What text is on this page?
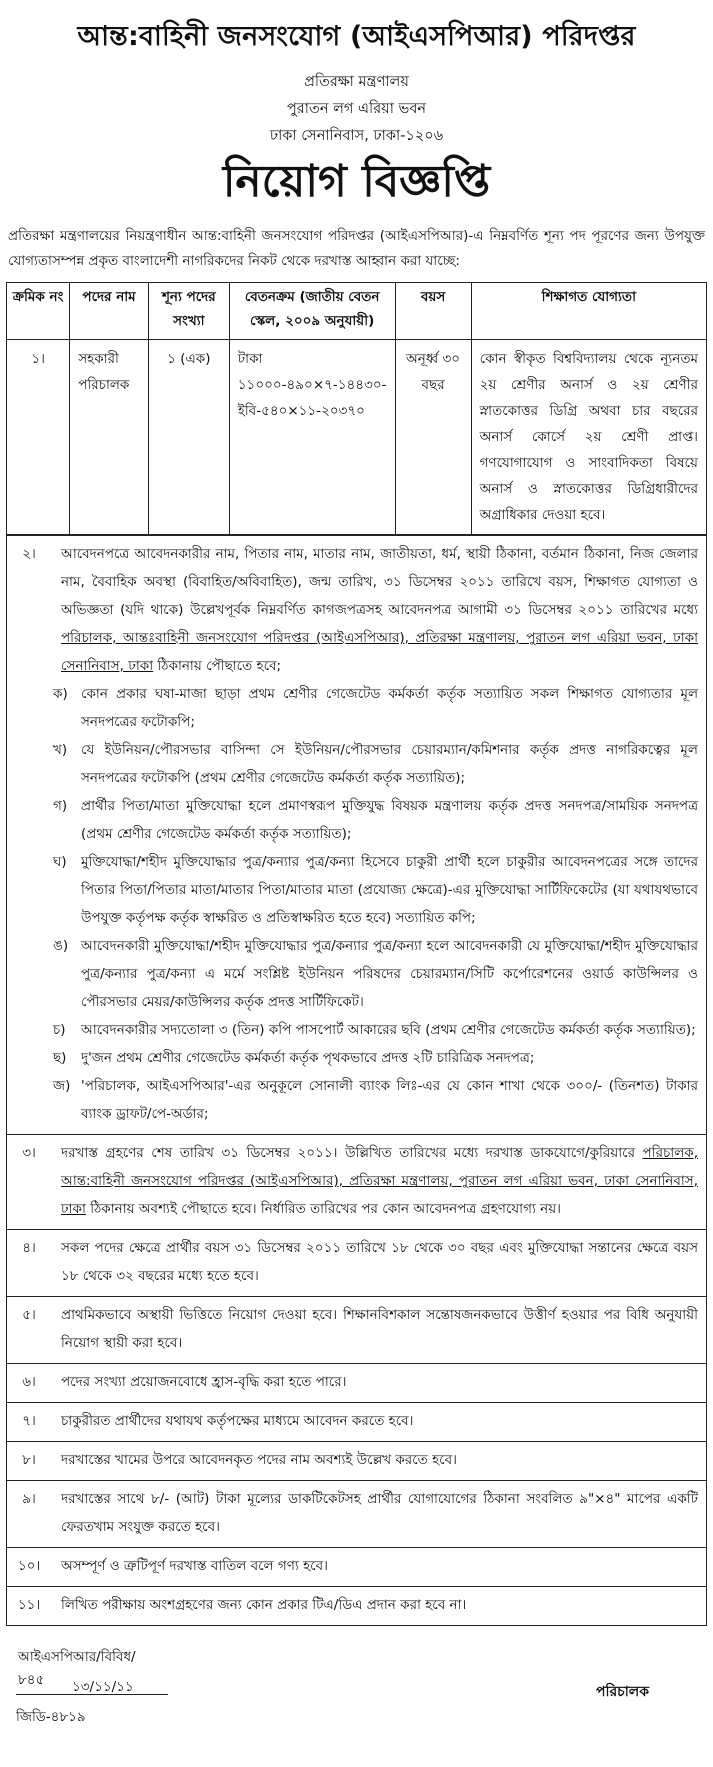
আন্ত:বাহিনী জনসংযোগ (আইএসপিআর) পরিদপ্তর
প্রতিরক্ষা মন্ত্রণালয়
পুরাতন লগ এরিয়া ভবন
ঢাকা সেনানিবাস, ঢাকা-১২০৬
নিয়োগ বিজ্ঞপ্তি
প্রতিরক্ষা মন্ত্রণালয়ের নিয়ন্ত্রণাধীন আন্ত:বাহিনী জনসংযোগ পরিদপ্তর (আইএসপিআর)-এ নিম্নবর্ণিত শূন্য পদ পূরণের জন্য উপযুক্ত যোগ্যতাসম্পন্ন প্রকৃত বাংলাদেশী নাগরিকদের নিকট থেকে দরখাস্ত আহ্বান করা যাচ্ছে:
ক্রমিক নং	পদের নাম	শূন্য পদের সংখ্যা	বেতনক্রম (জাতীয় বেতন স্কেল, ২০০৯ অনুযায়ী)	বয়স	শিক্ষাগত যোগ্যতা
১।	সহকারী পরিচালক	১ (এক)	টাকা ১১০০০-৪৯০×৭-১৪৪৩০-ইবি-৫৪০×১১-২০৩৭০	অনূর্ধ্ব ৩০ বছর	কোন স্বীকৃত বিশ্ববিদ্যালয় থেকে ন্যূনতম ২য় শ্রেণীর অনার্স ও ২য় শ্রেণীর স্নাতকোত্তর ডিগ্রি অথবা চার বছরের অনার্স কোর্সে ২য় শ্রেণী প্রাপ্ত। গণযোগাযোগ ও সাংবাদিকতা বিষয়ে অনার্স ও স্নাতকোত্তর ডিগ্রিধারীদের অগ্রাধিকার দেওয়া হবে।
২।	আবেদনপত্রে আবেদনকারীর নাম, পিতার নাম, মাতার নাম, জাতীয়তা, ধর্ম, স্থায়ী ঠিকানা, বর্তমান ঠিকানা, নিজ জেলার নাম, বৈবাহিক অবস্থা (বিবাহিত/অবিবাহিত), জন্ম তারিখ, ৩১ ডিসেম্বর ২০১১ তারিখে বয়স, শিক্ষাগত যোগ্যতা ও অভিজ্ঞতা (যদি থাকে) উল্লেখপূর্বক নিম্নবর্ণিত কাগজপত্রসহ আবেদনপত্র আগামী ৩১ ডিসেম্বর ২০১১ তারিখের মধ্যে পরিচালক, আন্তঃবাহিনী জনসংযোগ পরিদপ্তর (আইএসপিআর), প্রতিরক্ষা মন্ত্রণালয়, পুরাতন লগ এরিয়া ভবন, ঢাকা সেনানিবাস, ঢাকা ঠিকানায় পৌছাতে হবে;
ক) কোন প্রকার ঘষা-মাজা ছাড়া প্রথম শ্রেণীর গেজেটেড কর্মকর্তা কর্তৃক সত্যায়িত সকল শিক্ষাগত যোগ্যতার মূল সনদপত্রের ফটোকপি;
খ)	যে ইউনিয়ন/পৌরসভার বাসিন্দা সে ইউনিয়ন/পৌরসভার চেয়ারম্যান/কমিশনার কর্তৃক প্রদত্ত নাগরিকত্বের মূল সনদপত্রের ফটোকপি (প্রথম শ্রেণীর গেজেটেড কর্মকর্তা কর্তৃক সত্যায়িত);
গ)	প্রার্থীর পিতা/মাতা মুক্তিযোদ্ধা হলে প্রমাণস্বরূপ মুক্তিযুদ্ধ বিষয়ক মন্ত্রণালয় কর্তৃক প্রদত্ত সনদপত্র/সাময়িক সনদপত্র (প্রথম শ্রেণীর গেজেটেড কর্মকর্তা কর্তৃক সত্যায়িত);
ঘ)	মুক্তিযোদ্ধা/শহীদ মুক্তিযোদ্ধার পুত্র/কন্যার পুত্র/কন্যা হিসেবে চাকুরী প্রার্থী হলে চাকুরীর আবেদনপত্রের সঙ্গে তাদের পিতার পিতা/পিতার মাতা/মাতার পিতা/মাতার মাতা (প্রযোজ্য ক্ষেত্রে)-এর মুক্তিযোদ্ধা সার্টিফিকেটের (যা যথাযথভাবে উপযুক্ত কর্তৃপক্ষ কর্তৃক স্বাক্ষরিত ও প্রতিস্বাক্ষরিত হতে হবে) সত্যায়িত কপি;
ঙ) আবেদনকারী মুক্তিযোদ্ধা/শহীদ মুক্তিযোদ্ধার পুত্র/কন্যার পুত্র/কন্যা হলে আবেদনকারী যে মুক্তিযোদ্ধা/শহীদ মুক্তিযোদ্ধার পুত্র/কন্যার পুত্র/কন্যা এ মর্মে সংশ্লিষ্ট ইউনিয়ন পরিষদের চেয়ারম্যান/সিটি কর্পোরেশনের ওয়ার্ড কাউন্সিলর ও পৌরসভার মেয়র/কাউন্সিলর কর্তৃক প্রদত্ত সার্টিফিকেট।
চ)	আবেদনকারীর সদ্যতোলা ৩ (তিন) কপি পাসপোর্ট আকারের ছবি (প্রথম শ্রেণীর গেজেটেড কর্মকর্তা কর্তৃক সত্যায়িত);
ছ)	দু'জন প্রথম শ্রেণীর গেজেটেড কর্মকর্তা কর্তৃক পৃথকভাবে প্রদত্ত ২টি চারিত্রিক সনদপত্র;
জ) 'পরিচালক, আইএসপিআর'-এর অনুকূলে সোনালী ব্যাংক লিঃ-এর যে কোন শাখা থেকে ৩০০/- (তিনশত) টাকার ব্যাংক ড্রাফট/পে-অর্ডার;
৩।	দরখাস্ত গ্রহণের শেষ তারিখ ৩১ ডিসেম্বর ২০১১। উল্লিখিত তারিখের মধ্যে দরখাস্ত ডাকযোগে/কুরিয়ারে পরিচালক, আন্ত:বাহিনী জনসংযোগ পরিদপ্তর (আইএসপিআর), প্রতিরক্ষা মন্ত্রণালয়, পুরাতন লগ এরিয়া ভবন, ঢাকা সেনানিবাস, ঢাকা ঠিকানায় অবশ্যই পৌছাতে হবে। নির্ধারিত তারিখের পর কোন আবেদনপত্র গ্রহণযোগ্য নয়।
৪।	সকল পদের ক্ষেত্রে প্রার্থীর বয়স ৩১ ডিসেম্বর ২০১১ তারিখে ১৮ থেকে ৩০ বছর এবং মুক্তিযোদ্ধা সন্তানের ক্ষেত্রে বয়স ১৮ থেকে ৩২ বছরের মধ্যে হতে হবে।
৫।	প্রাথমিকভাবে অস্থায়ী ভিত্তিতে নিয়োগ দেওয়া হবে। শিক্ষানবিশকাল সন্তোষজনকভাবে উত্তীর্ণ হওয়ার পর বিধি অনুযায়ী নিয়োগ স্থায়ী করা হবে।
৬।	পদের সংখ্যা প্রয়োজনবোধে হ্রাস-বৃদ্ধি করা হতে পারে।
৭।	চাকুরীরত প্রার্থীদের যথাযথ কর্তৃপক্ষের মাধ্যমে আবেদন করতে হবে।
৮।	দরখাস্তের খামের উপরে আবেদনকৃত পদের নাম অবশ্যই উল্লেখ করতে হবে।
৯।	দরখাস্তের সাথে ৮/- (আট) টাকা মূল্যের ডাকটিকেটসহ প্রার্থীর যোগাযোগের ঠিকানা সংবলিত ৯"×৪" মাপের একটি ফেরতখাম সংযুক্ত করতে হবে।
১০।	অসম্পূর্ণ ও ত্রুটিপূর্ণ দরখাস্ত বাতিল বলে গণ্য হবে।
১১।	লিখিত পরীক্ষায় অংশগ্রহণের জন্য কোন প্রকার টিএ/ডিএ প্রদান করা হবে না।
আইএসপিআর/বিবিধ/৮৪৫	১৩/১১/১১
জিডি-৪৮১৯
পরিচালক
